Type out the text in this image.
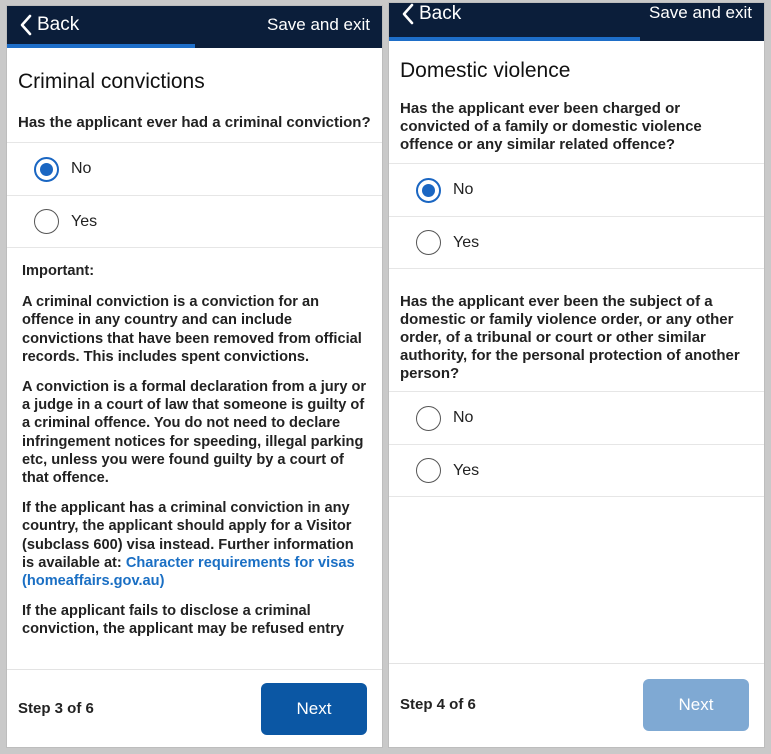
Back	Save and exit
Criminal convictions
Has the applicant ever had a criminal conviction?
No
Yes

Important:

A criminal conviction is a conviction for an offence in any country and can include convictions that have been removed from official records. This includes spent convictions.

A conviction is a formal declaration from a jury or a judge in a court of law that someone is guilty of a criminal offence. You do not need to declare infringement notices for speeding, illegal parking etc, unless you were found guilty by a court of that offence.

If the applicant has a criminal conviction in any country, the applicant should apply for a Visitor (subclass 600) visa instead. Further information is available at: Character requirements for visas (homeaffairs.gov.au)

If the applicant fails to disclose a criminal conviction, the applicant may be refused entry

Step 3 of 6	Next
Back	Save and exit
Domestic violence
Has the applicant ever been charged or convicted of a family or domestic violence offence or any similar related offence?
No
Yes
Has the applicant ever been the subject of a domestic or family violence order, or any other order, of a tribunal or court or other similar authority, for the personal protection of another person?
No
Yes
Step 4 of 6	Next
